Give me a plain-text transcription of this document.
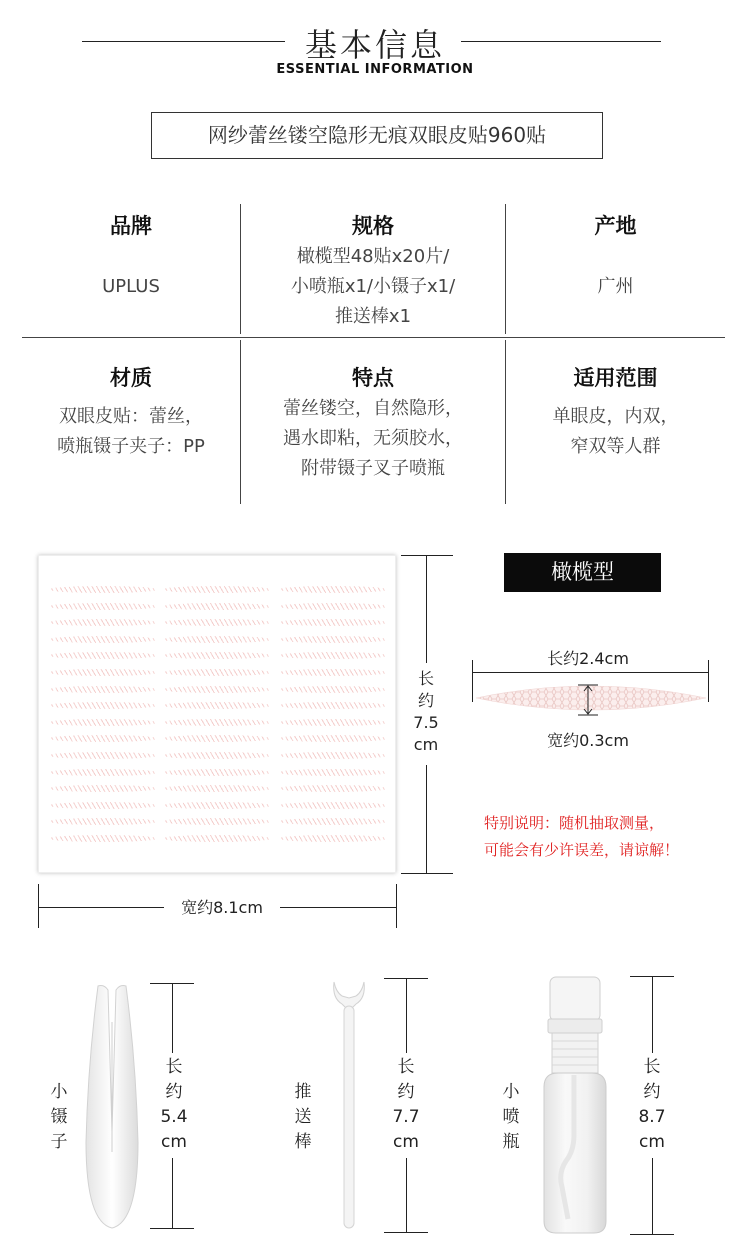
基本信息
ESSENTIAL INFORMATION
网纱蕾丝镂空隐形无痕双眼皮贴960贴
品牌
UPLUS
规格
橄榄型48贴x20片/
小喷瓶x1/小镊子x1/
推送棒x1
产地
广州
材质
双眼皮贴：蕾丝，
喷瓶镊子夹子：PP
特点
蕾丝镂空，自然隐形，
遇水即粘，无须胶水，
附带镊子叉子喷瓶
适用范围
单眼皮，内双，
窄双等人群
长
约
7.5
cm
宽约8.1cm
橄榄型
长约2.4cm
宽约0.3cm
特别说明：随机抽取测量，
可能会有少许误差，请谅解！
小
镊
子
长
约
5.4
cm
推
送
棒
长
约
7.7
cm
小
喷
瓶
长
约
8.7
cm
